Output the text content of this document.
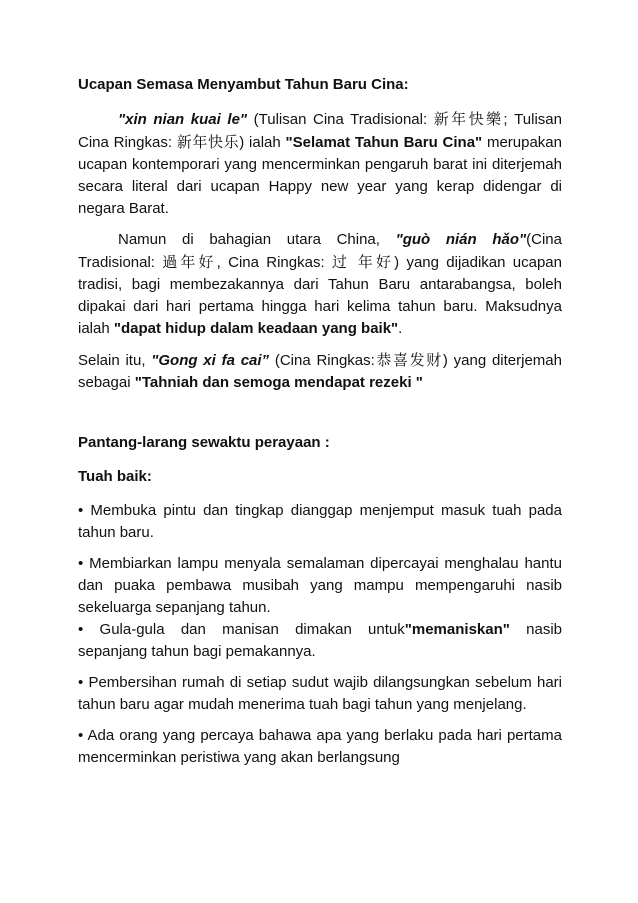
Ucapan Semasa Menyambut Tahun Baru Cina:

"xin nian kuai le" (Tulisan Cina Tradisional: 新年快樂; Tulisan Cina Ringkas: 新年快乐) ialah "Selamat Tahun Baru Cina" merupakan ucapan kontemporari yang mencerminkan pengaruh barat ini diterjemah secara literal dari ucapan Happy new year yang kerap didengar di negara Barat.

Namun di bahagian utara China, "guò nián hǎo"(Cina Tradisional: 過年好, Cina Ringkas: 过 年好) yang dijadikan ucapan tradisi, bagi membezakannya dari Tahun Baru antarabangsa, boleh dipakai dari hari pertama hingga hari kelima tahun baru. Maksudnya ialah "dapat hidup dalam keadaan yang baik".

Selain itu, "Gong xi fa cai” (Cina Ringkas:恭喜发财) yang diterjemah sebagai "Tahniah dan semoga mendapat rezeki "

Pantang-larang sewaktu perayaan :

Tuah baik:

• Membuka pintu dan tingkap dianggap menjemput masuk tuah pada tahun baru.

• Membiarkan lampu menyala semalaman dipercayai menghalau hantu dan puaka pembawa musibah yang mampu mempengaruhi nasib sekeluarga sepanjang tahun.

• Gula-gula dan manisan dimakan untuk"memaniskan" nasib sepanjang tahun bagi pemakannya.

• Pembersihan rumah di setiap sudut wajib dilangsungkan sebelum hari tahun baru agar mudah menerima tuah bagi tahun yang menjelang.

• Ada orang yang percaya bahawa apa yang berlaku pada hari pertama mencerminkan peristiwa yang akan berlangsung
